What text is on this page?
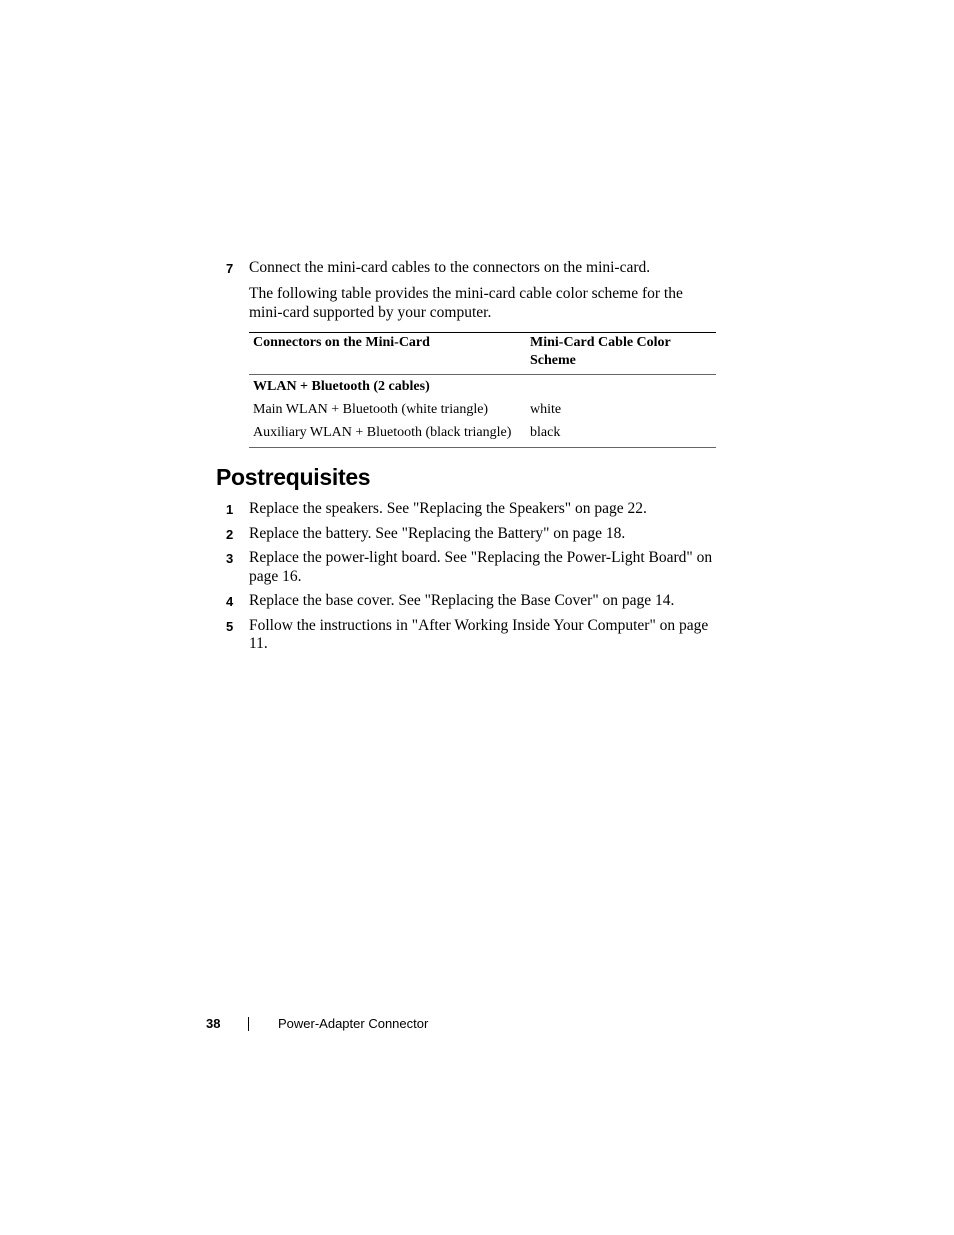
7 Connect the mini-card cables to the connectors on the mini-card.

The following table provides the mini-card cable color scheme for the mini-card supported by your computer.

Connectors on the Mini-Card	Mini-Card Cable Color Scheme
WLAN + Bluetooth (2 cables)	
Main WLAN + Bluetooth (white triangle)	white
Auxiliary WLAN + Bluetooth (black triangle)	black
Postrequisites
1 Replace the speakers. See "Replacing the Speakers" on page 22.
2 Replace the battery. See "Replacing the Battery" on page 18.
3 Replace the power-light board. See "Replacing the Power-Light Board" on page 16.
4 Replace the base cover. See "Replacing the Base Cover" on page 14.
5 Follow the instructions in "After Working Inside Your Computer" on page 11.
38	Power-Adapter Connector
